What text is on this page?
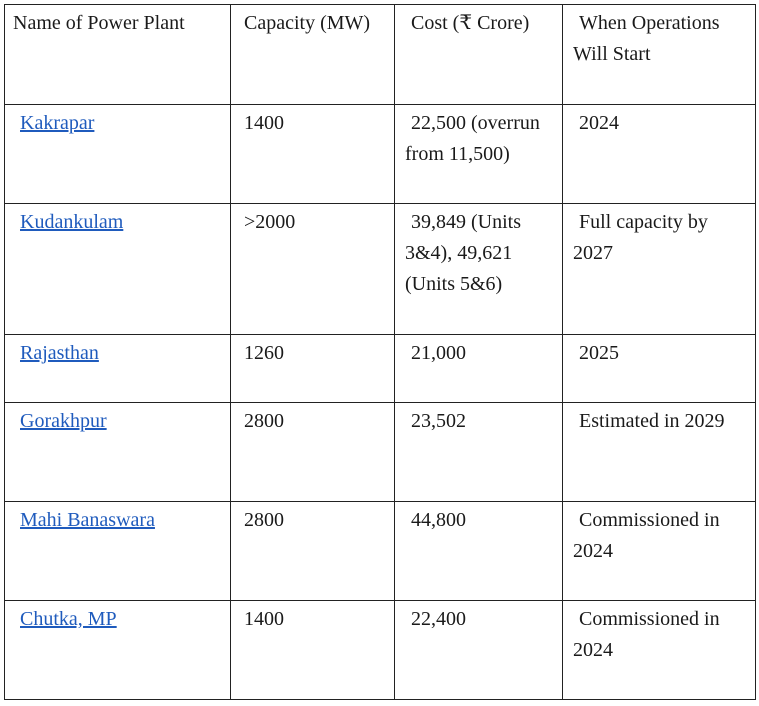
Name of Power Plant	Capacity (MW)	Cost (₹ Crore)	When Operations Will Start
Kakrapar	1400	22,500 (overrun from 11,500)	2024
Kudankulam	>2000	39,849 (Units 3&4), 49,621 (Units 5&6)	Full capacity by 2027
Rajasthan	1260	21,000	2025
Gorakhpur	2800	23,502	Estimated in 2029
Mahi Banaswara	2800	44,800	Commissioned in 2024
Chutka, MP	1400	22,400	Commissioned in 2024
